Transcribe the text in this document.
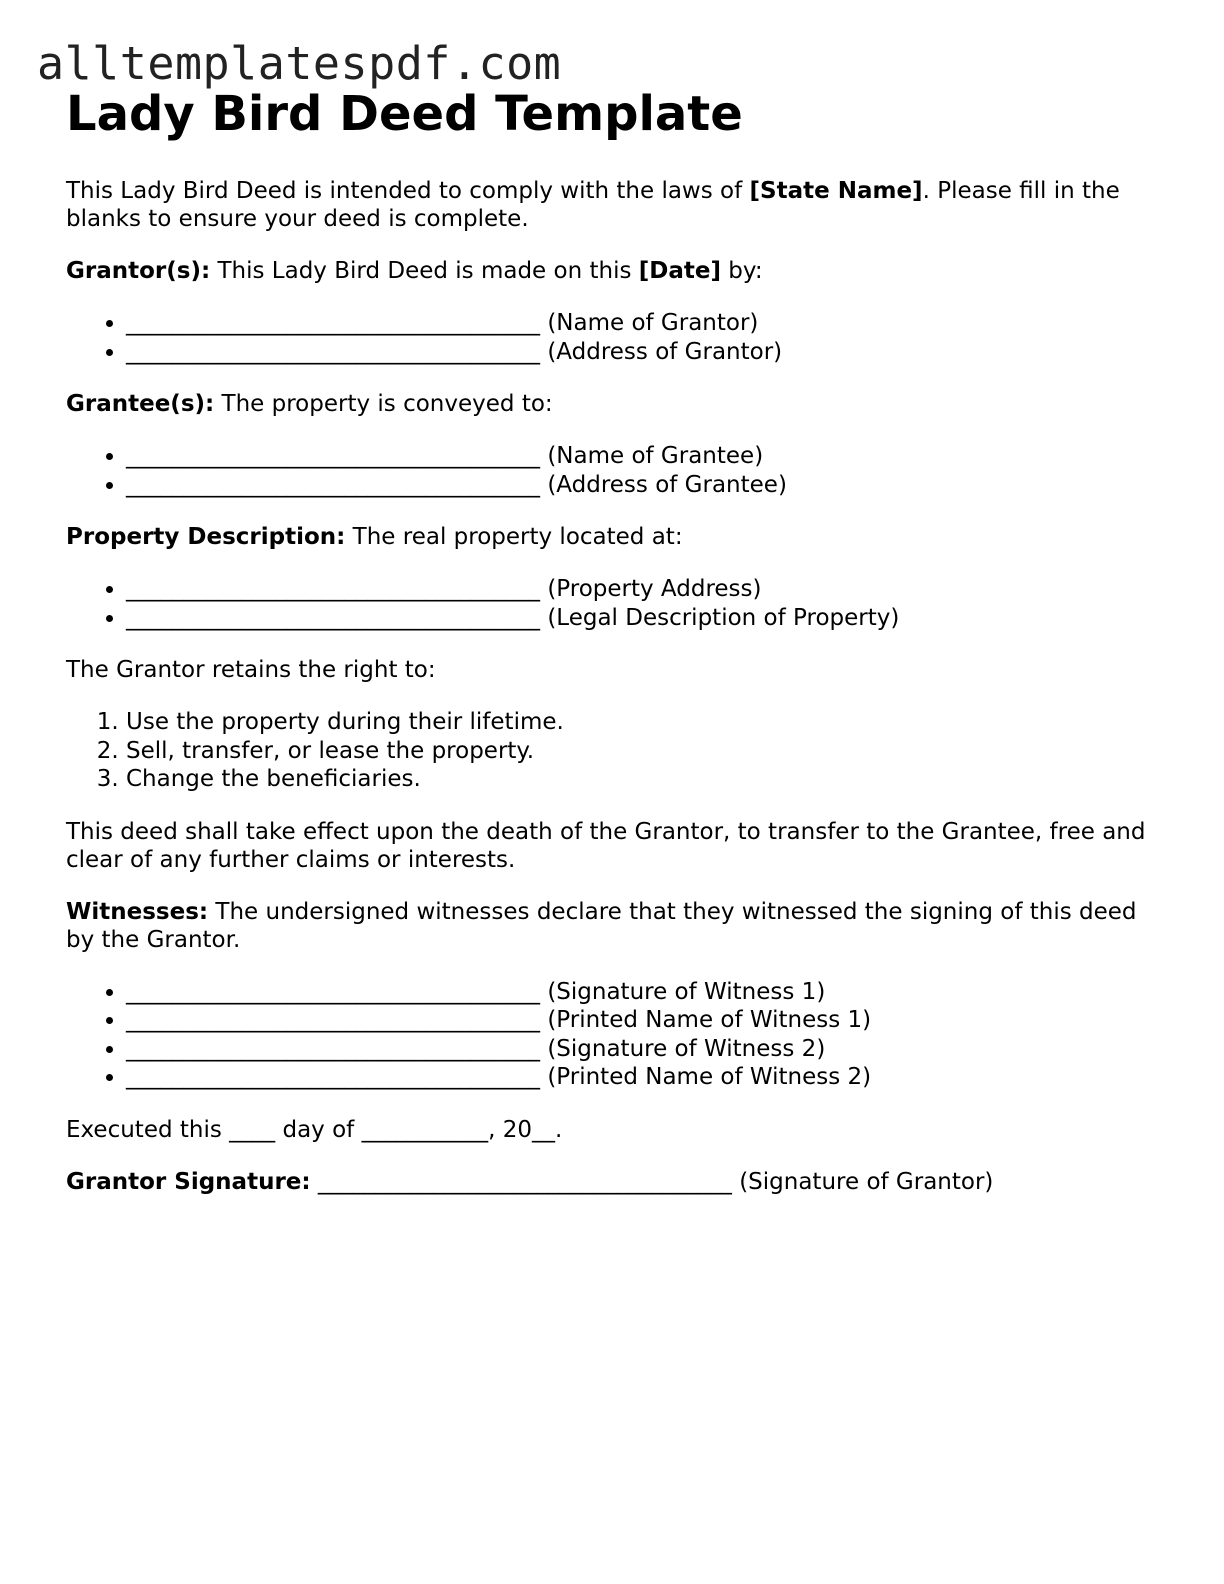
alltemplatespdf.com
Lady Bird Deed Template

This Lady Bird Deed is intended to comply with the laws of [State Name]. Please fill in the blanks to ensure your deed is complete.

Grantor(s): This Lady Bird Deed is made on this [Date] by:

• ____________________________________ (Name of Grantor)
• ____________________________________ (Address of Grantor)

Grantee(s): The property is conveyed to:

• ____________________________________ (Name of Grantee)
• ____________________________________ (Address of Grantee)

Property Description: The real property located at:

• ____________________________________ (Property Address)
• ____________________________________ (Legal Description of Property)

The Grantor retains the right to:

1. Use the property during their lifetime.
2. Sell, transfer, or lease the property.
3. Change the beneficiaries.

This deed shall take effect upon the death of the Grantor, to transfer to the Grantee, free and clear of any further claims or interests.

Witnesses: The undersigned witnesses declare that they witnessed the signing of this deed by the Grantor.

• ____________________________________ (Signature of Witness 1)
• ____________________________________ (Printed Name of Witness 1)
• ____________________________________ (Signature of Witness 2)
• ____________________________________ (Printed Name of Witness 2)

Executed this ____ day of ___________, 20__.

Grantor Signature: ____________________________________ (Signature of Grantor)
